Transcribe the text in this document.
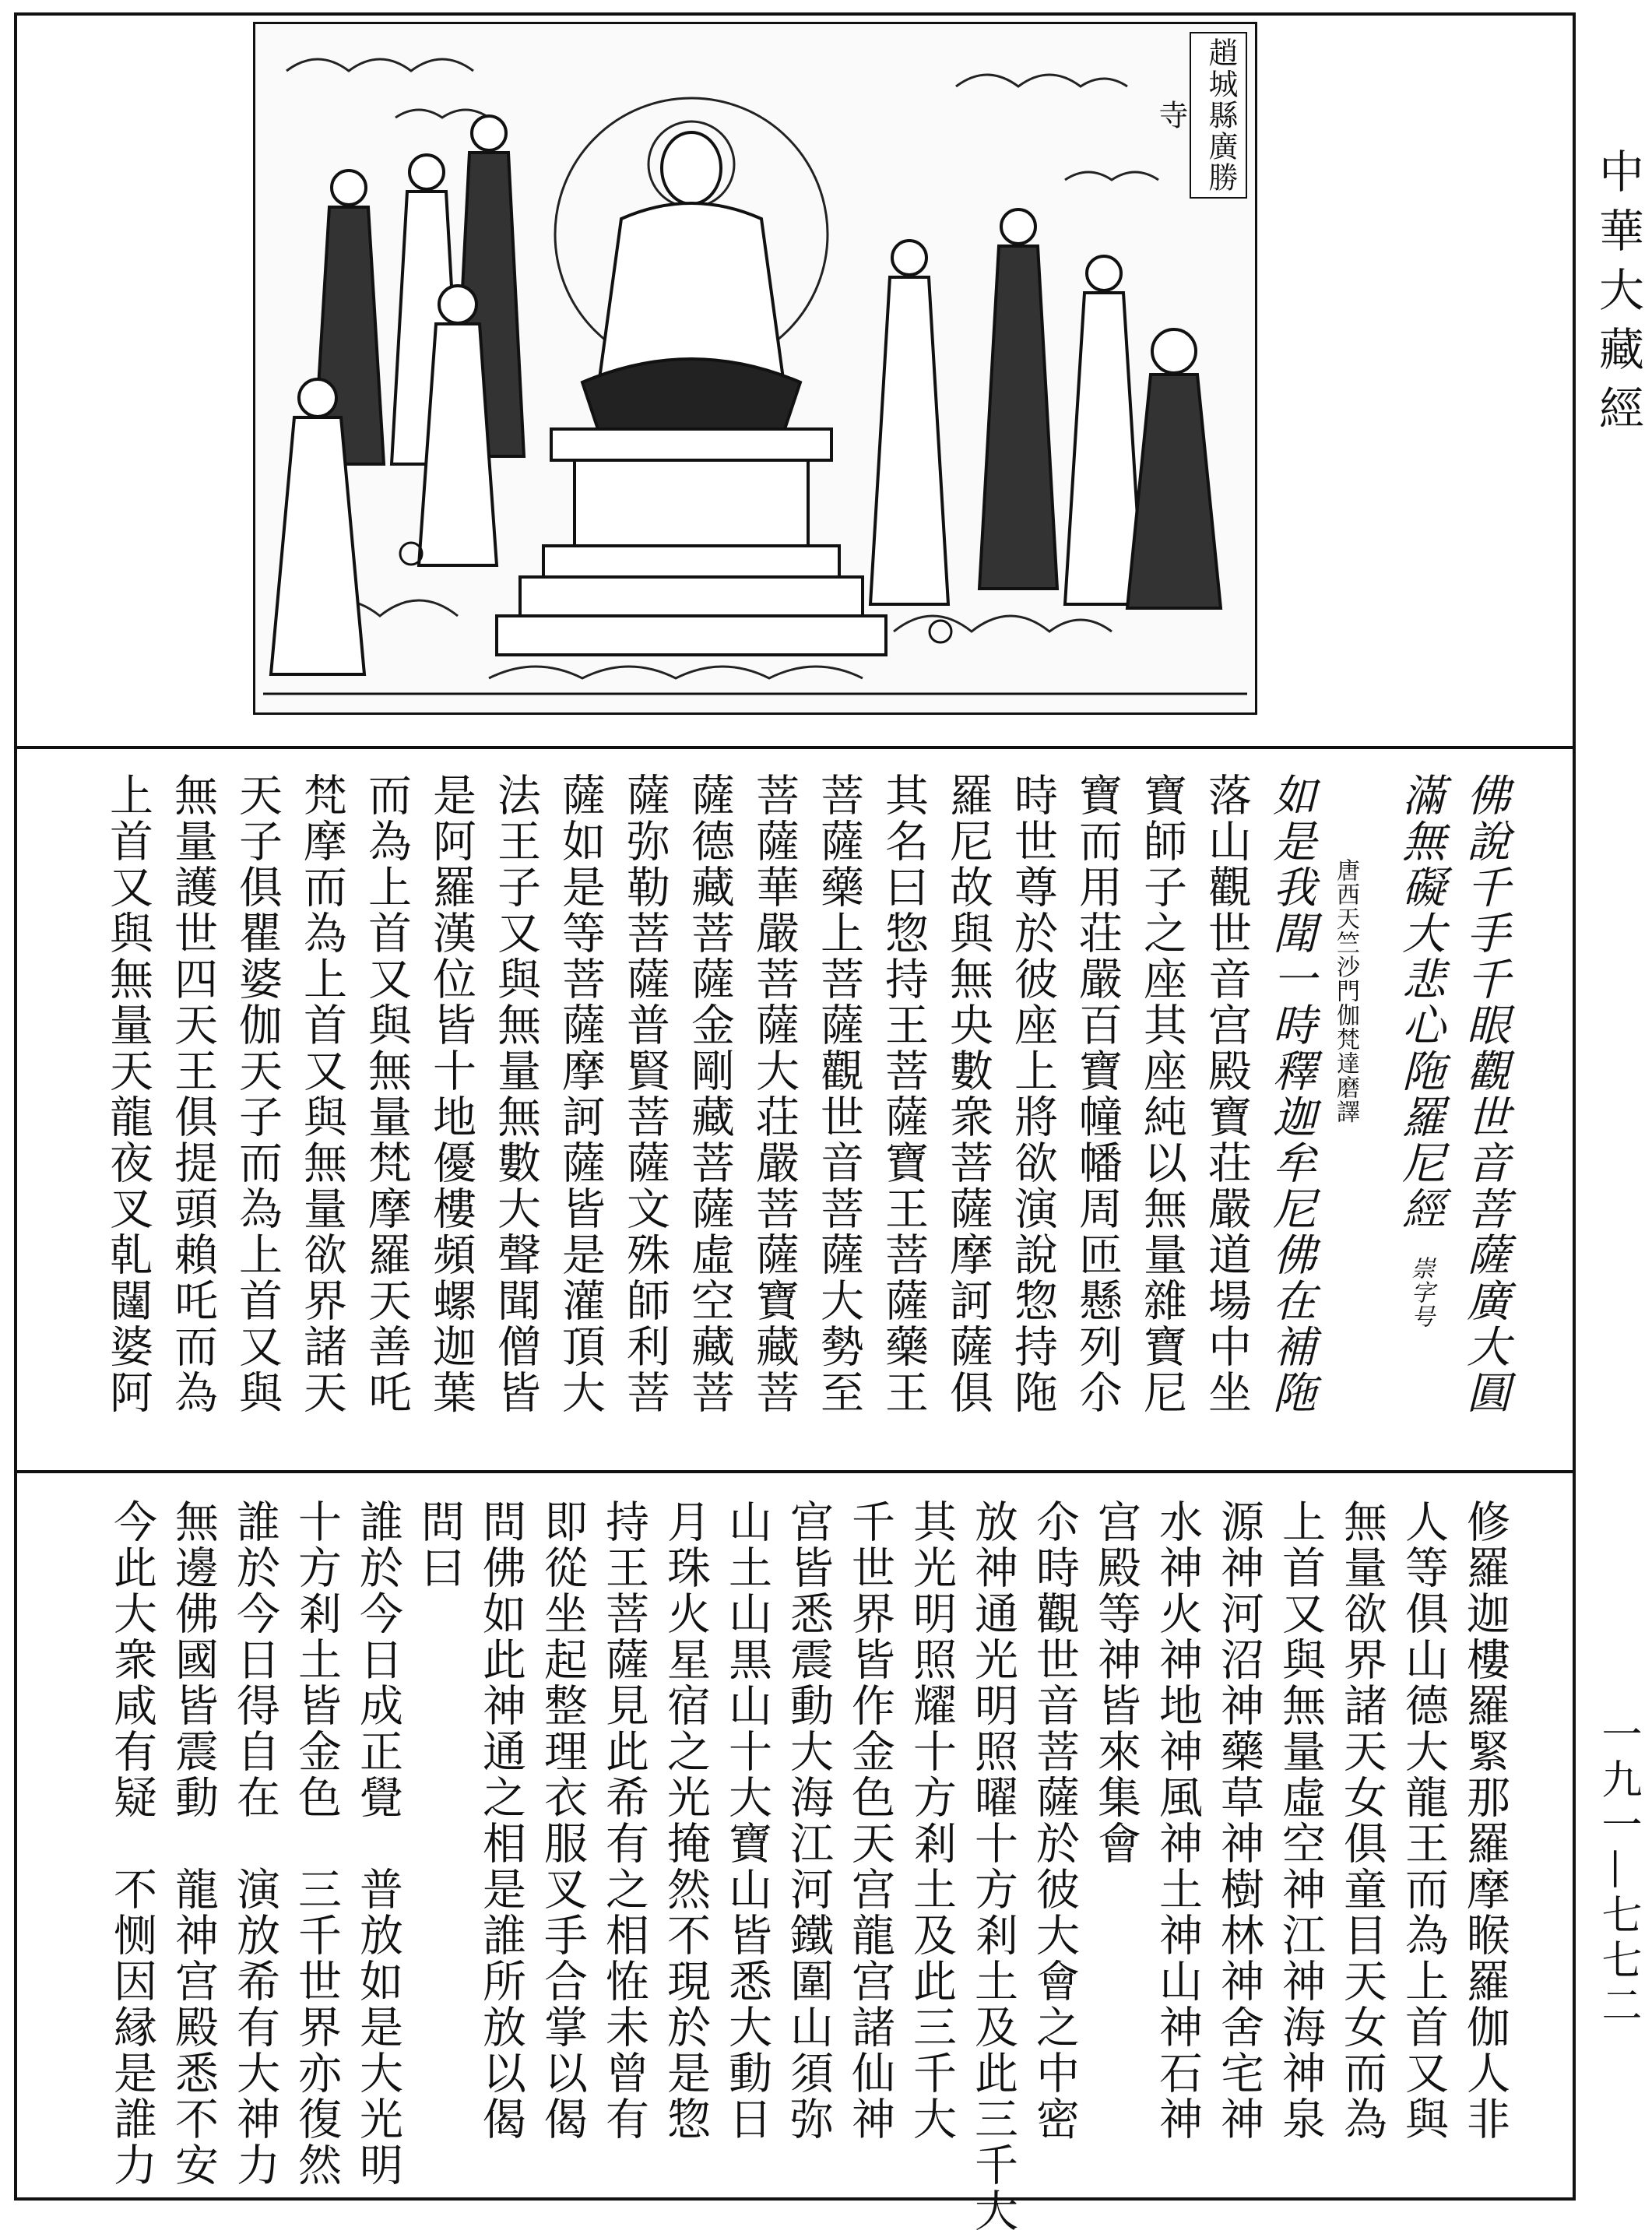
趙城縣廣勝寺
中華大藏經
一九一—七七二
佛說千手千眼觀世音菩薩廣大圓
滿無礙大悲心陁羅尼經　崇字号
唐西天竺沙門伽梵達磨譯
如是我聞一時釋迦牟尼佛在補陁
落山觀世音宫殿寶荘嚴道場中坐
寶師子之座其座純以無量雜寶尼
寶而用荘嚴百寶幢幡周匝懸列尒
時世尊於彼座上將欲演說惣持陁
羅尼故與無央數衆菩薩摩訶薩俱
其名曰惣持王菩薩寶王菩薩藥王
菩薩藥上菩薩觀世音菩薩大勢至
菩薩華嚴菩薩大荘嚴菩薩寶藏菩
薩德藏菩薩金剛藏菩薩虛空藏菩
薩弥勒菩薩普賢菩薩文殊師利菩
薩如是等菩薩摩訶薩皆是灌頂大
法王子又與無量無數大聲聞僧皆
是阿羅漢位皆十地優樓頻螺迦葉
而為上首又與無量梵摩羅天善吒
梵摩而為上首又與無量欲界諸天
天子俱瞿婆伽天子而為上首又與
無量護世四天王俱提頭賴吒而為
上首又與無量天龍夜叉乹闥婆阿
修羅迦樓羅緊那羅摩睺羅伽人非
人等俱山德大龍王而為上首又與
無量欲界諸天女俱童目天女而為
上首又與無量虛空神江神海神泉
源神河沼神藥草神樹林神舍宅神
水神火神地神風神土神山神石神
宫殿等神皆來集會
尒時觀世音菩薩於彼大會之中密
放神通光明照曜十方剎土及此三千大
其光明照耀十方剎土及此三千大
千世界皆作金色天宫龍宫諸仙神
宫皆悉震動大海江河鐵圍山須弥
山土山黒山十大寶山皆悉大動日
月珠火星宿之光掩然不現於是惣
持王菩薩見此希有之相恠未曾有
即從坐起整理衣服叉手合掌以偈
問佛如此神通之相是誰所放以偈
問曰
誰於今日成正覺　普放如是大光明
十方剎土皆金色　三千世界亦復然
誰於今日得自在　演放希有大神力
無邊佛國皆震動　龍神宫殿悉不安
今此大衆咸有疑　不恻因縁是誰力
